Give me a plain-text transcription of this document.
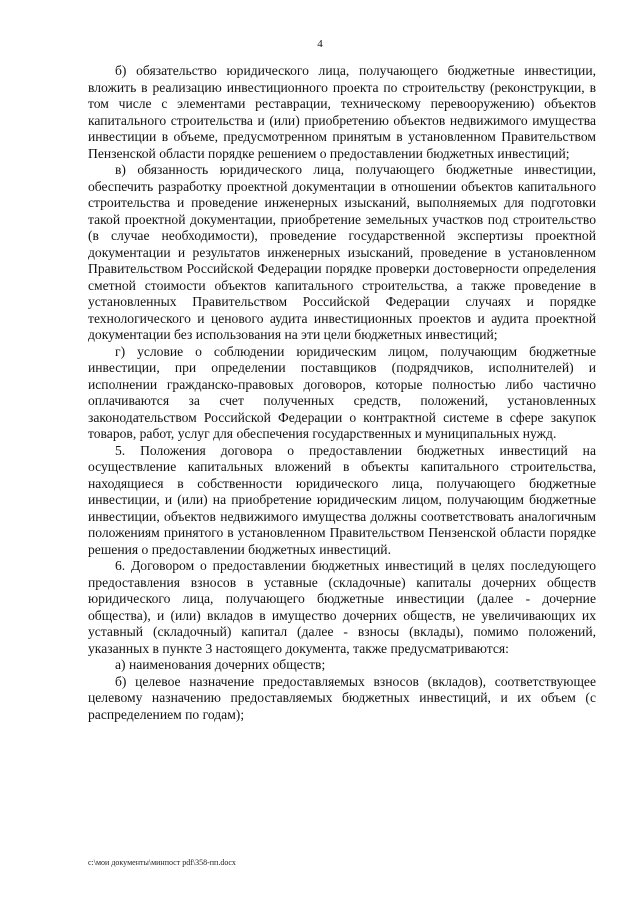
4

б) обязательство юридического лица, получающего бюджетные инвестиции, вложить в реализацию инвестиционного проекта по строительству (реконструкции, в том числе с элементами реставрации, техническому перевооружению) объектов капитального строительства и (или) приобретению объектов недвижимого имущества инвестиции в объеме, предусмотренном принятым в установленном Правительством Пензенской области порядке решением о предоставлении бюджетных инвестиций;

в) обязанность юридического лица, получающего бюджетные инвестиции, обеспечить разработку проектной документации в отношении объектов капитального строительства и проведение инженерных изысканий, выполняемых для подготовки такой проектной документации, приобретение земельных участков под строительство (в случае необходимости), проведение государственной экспертизы проектной документации и результатов инженерных изысканий, проведение в установленном Правительством Российской Федерации порядке проверки достоверности определения сметной стоимости объектов капитального строительства, а также проведение в установленных Правительством Российской Федерации случаях и порядке технологического и ценового аудита инвестиционных проектов и аудита проектной документации без использования на эти цели бюджетных инвестиций;

г) условие о соблюдении юридическим лицом, получающим бюджетные инвестиции, при определении поставщиков (подрядчиков, исполнителей) и исполнении гражданско-правовых договоров, которые полностью либо частично оплачиваются за счет полученных средств, положений, установленных законодательством Российской Федерации о контрактной системе в сфере закупок товаров, работ, услуг для обеспечения государственных и муниципальных нужд.

5. Положения договора о предоставлении бюджетных инвестиций на осуществление капитальных вложений в объекты капитального строительства, находящиеся в собственности юридического лица, получающего бюджетные инвестиции, и (или) на приобретение юридическим лицом, получающим бюджетные инвестиции, объектов недвижимого имущества должны соответствовать аналогичным положениям принятого в установленном Правительством Пензенской области порядке решения о предоставлении бюджетных инвестиций.

6. Договором о предоставлении бюджетных инвестиций в целях последующего предоставления взносов в уставные (складочные) капиталы дочерних обществ юридического лица, получающего бюджетные инвестиции (далее - дочерние общества), и (или) вкладов в имущество дочерних обществ, не увеличивающих их уставный (складочный) капитал (далее - взносы (вклады), помимо положений, указанных в пункте 3 настоящего документа, также предусматриваются:

а) наименования дочерних обществ;

б) целевое назначение предоставляемых взносов (вкладов), соответствующее целевому назначению предоставляемых бюджетных инвестиций, и их объем (с распределением по годам);

c:\мои документы\минпост pdf\358-пп.docx
